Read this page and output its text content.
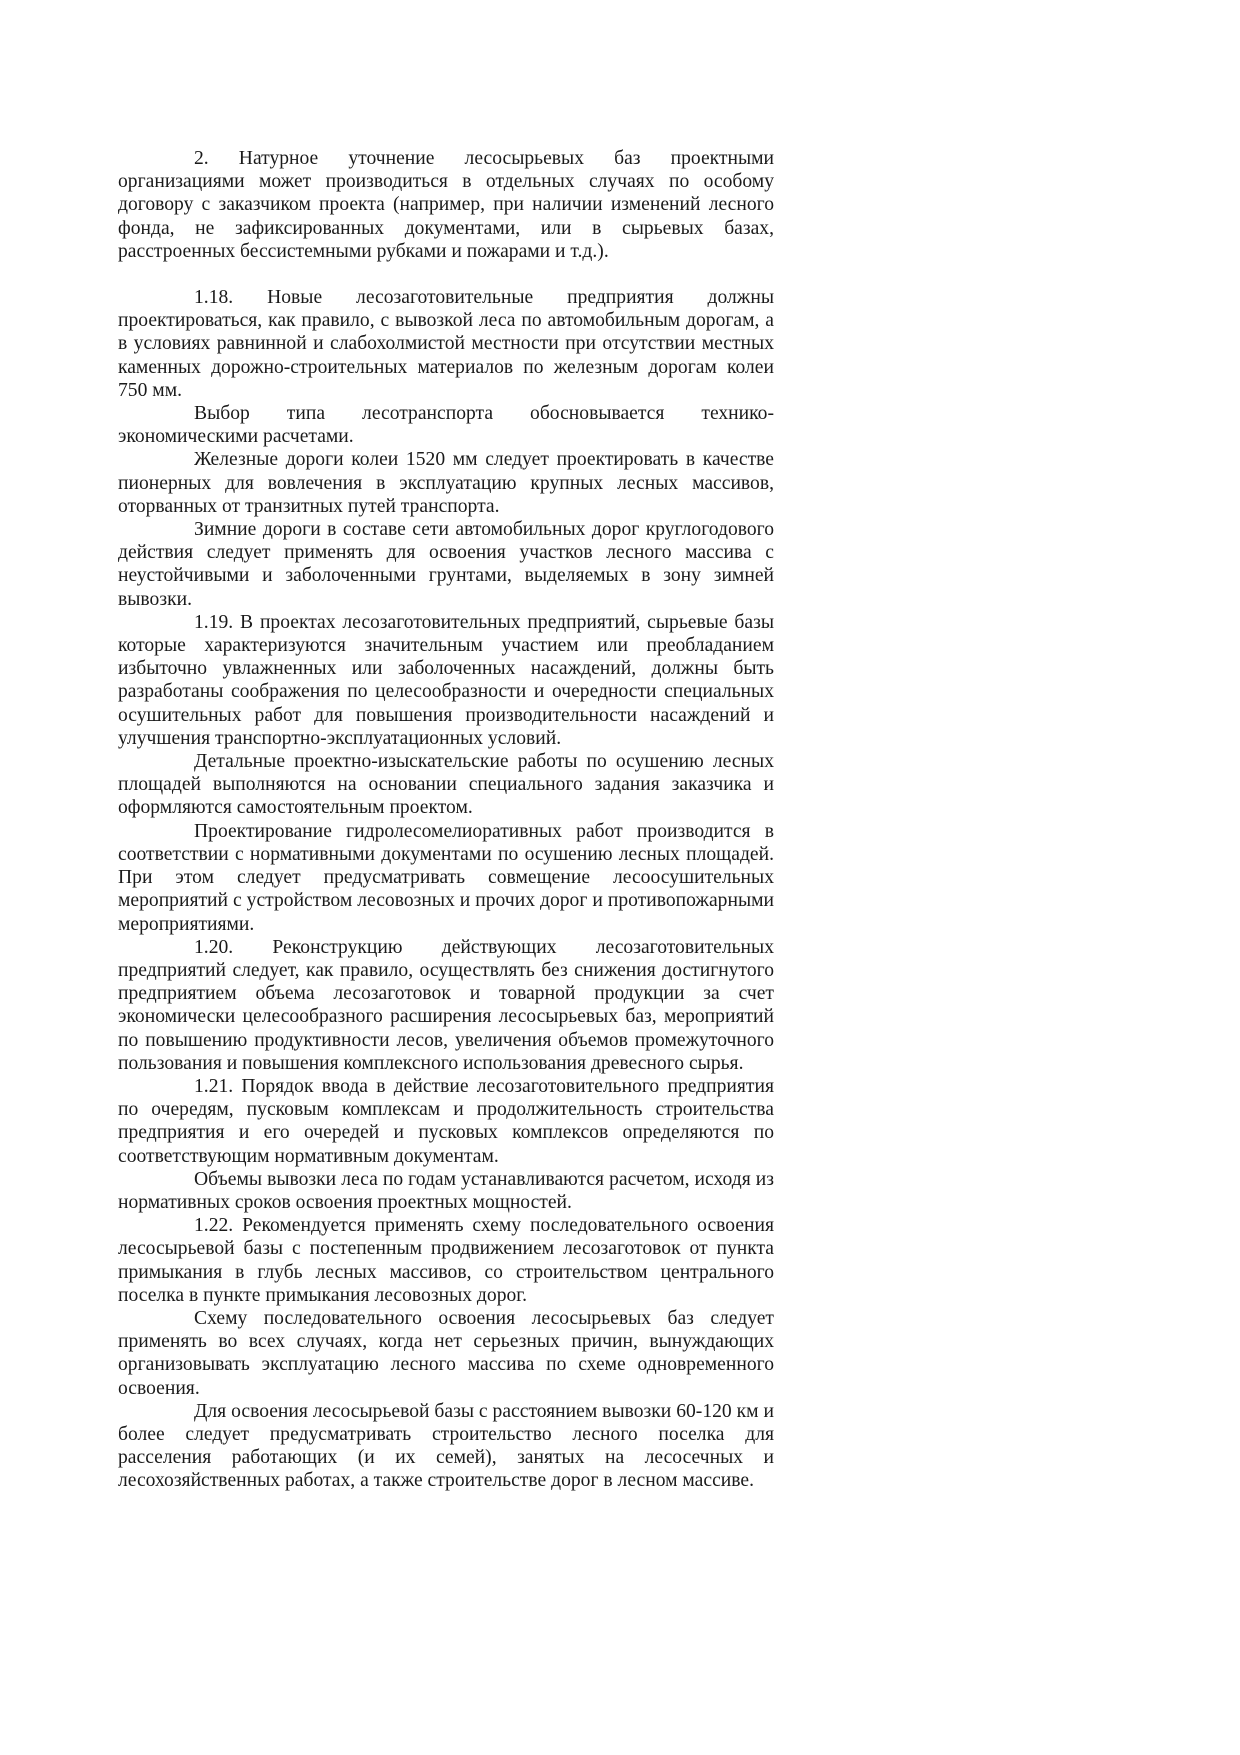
2. Натурное уточнение лесосырьевых баз проектными организациями может производиться в отдельных случаях по особому договору с заказчиком проекта (например, при наличии изменений лесного фонда, не зафиксированных документами, или в сырьевых базах, расстроенных бессистемными рубками и пожарами и т.д.).

1.18. Новые лесозаготовительные предприятия должны проектироваться, как правило, с вывозкой леса по автомобильным дорогам, а в условиях равнинной и слабохолмистой местности при отсутствии местных каменных дорожно-строительных материалов по железным дорогам колеи 750 мм.

Выбор типа лесотранспорта обосновывается технико-экономическими расчетами.

Железные дороги колеи 1520 мм следует проектировать в качестве пионерных для вовлечения в эксплуатацию крупных лесных массивов, оторванных от транзитных путей транспорта.

Зимние дороги в составе сети автомобильных дорог круглогодового действия следует применять для освоения участков лесного массива с неустойчивыми и заболоченными грунтами, выделяемых в зону зимней вывозки.

1.19. В проектах лесозаготовительных предприятий, сырьевые базы которые характеризуются значительным участием или преобладанием избыточно увлажненных или заболоченных насаждений, должны быть разработаны соображения по целесообразности и очередности специальных осушительных работ для повышения производительности насаждений и улучшения транспортно-эксплуатационных условий.

Детальные проектно-изыскательские работы по осушению лесных площадей выполняются на основании специального задания заказчика и оформляются самостоятельным проектом.

Проектирование гидролесомелиоративных работ производится в соответствии с нормативными документами по осушению лесных площадей. При этом следует предусматривать совмещение лесоосушительных мероприятий с устройством лесовозных и прочих дорог и противопожарными мероприятиями.

1.20. Реконструкцию действующих лесозаготовительных предприятий следует, как правило, осуществлять без снижения достигнутого предприятием объема лесозаготовок и товарной продукции за счет экономически целесообразного расширения лесосырьевых баз, мероприятий по повышению продуктивности лесов, увеличения объемов промежуточного пользования и повышения комплексного использования древесного сырья.

1.21. Порядок ввода в действие лесозаготовительного предприятия по очередям, пусковым комплексам и продолжительность строительства предприятия и его очередей и пусковых комплексов определяются по соответствующим нормативным документам.

Объемы вывозки леса по годам устанавливаются расчетом, исходя из нормативных сроков освоения проектных мощностей.

1.22. Рекомендуется применять схему последовательного освоения лесосырьевой базы с постепенным продвижением лесозаготовок от пункта примыкания в глубь лесных массивов, со строительством центрального поселка в пункте примыкания лесовозных дорог.

Схему последовательного освоения лесосырьевых баз следует применять во всех случаях, когда нет серьезных причин, вынуждающих организовывать эксплуатацию лесного массива по схеме одновременного освоения.

Для освоения лесосырьевой базы с расстоянием вывозки 60-120 км и более следует предусматривать строительство лесного поселка для расселения работающих (и их семей), занятых на лесосечных и лесохозяйственных работах, а также строительстве дорог в лесном массиве.
